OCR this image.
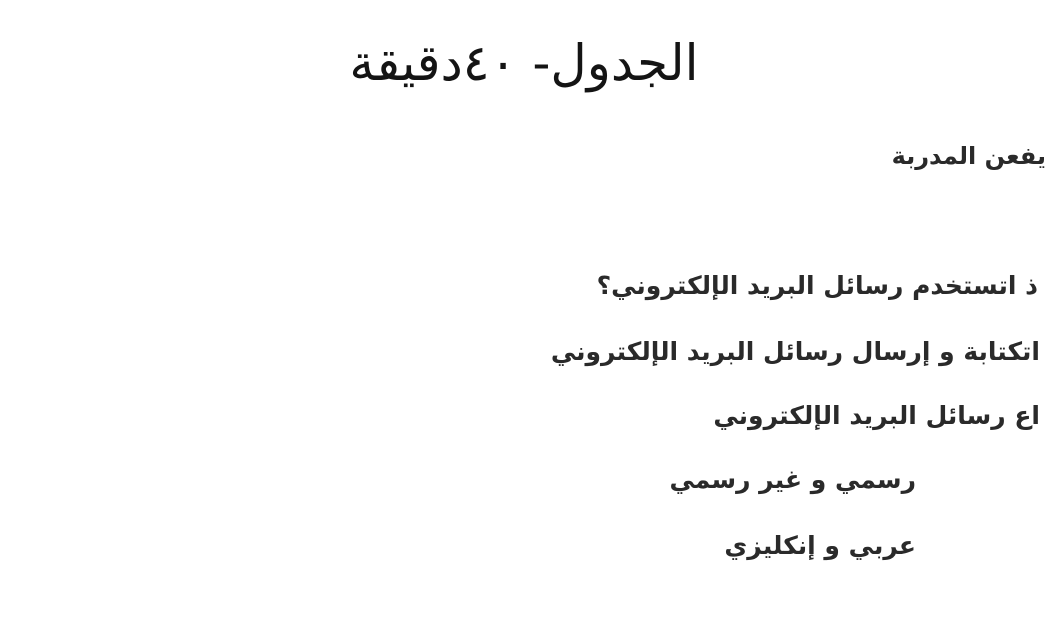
الجدول- ٤٠دقيقة
يفعن المدربة
ذ اتستخدم رسائل البريد الإلكتروني؟
اتكتابة و إرسال رسائل البريد الإلكتروني
اع رسائل البريد الإلكتروني
رسمي و غير رسمي
عربي و إنكليزي
